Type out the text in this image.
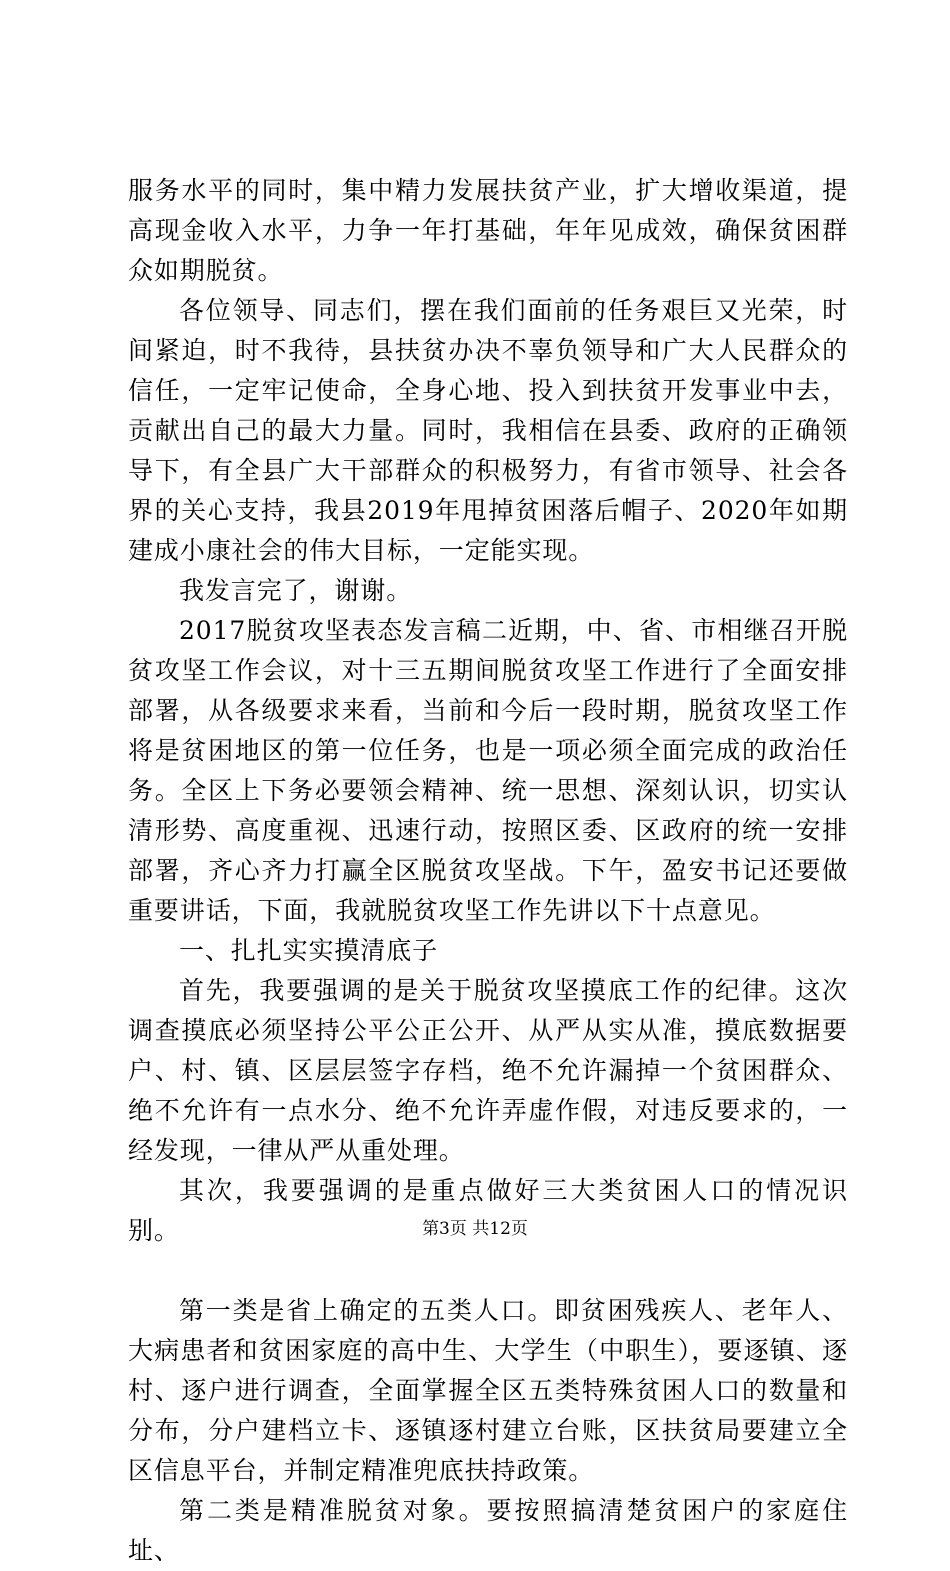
服务水平的同时，集中精力发展扶贫产业，扩大增收渠道，提高现金收入水平，力争一年打基础，年年见成效，确保贫困群众如期脱贫。

各位领导、同志们，摆在我们面前的任务艰巨又光荣，时间紧迫，时不我待，县扶贫办决不辜负领导和广大人民群众的信任，一定牢记使命，全身心地、投入到扶贫开发事业中去，贡献出自己的最大力量。同时，我相信在县委、政府的正确领导下，有全县广大干部群众的积极努力，有省市领导、社会各界的关心支持，我县2019年甩掉贫困落后帽子、2020年如期建成小康社会的伟大目标，一定能实现。

我发言完了，谢谢。

2017脱贫攻坚表态发言稿二近期，中、省、市相继召开脱贫攻坚工作会议，对十三五期间脱贫攻坚工作进行了全面安排部署，从各级要求来看，当前和今后一段时期，脱贫攻坚工作将是贫困地区的第一位任务，也是一项必须全面完成的政治任务。全区上下务必要领会精神、统一思想、深刻认识，切实认清形势、高度重视、迅速行动，按照区委、区政府的统一安排部署，齐心齐力打赢全区脱贫攻坚战。下午，盈安书记还要做重要讲话，下面，我就脱贫攻坚工作先讲以下十点意见。

一、扎扎实实摸清底子

首先，我要强调的是关于脱贫攻坚摸底工作的纪律。这次调查摸底必须坚持公平公正公开、从严从实从准，摸底数据要户、村、镇、区层层签字存档，绝不允许漏掉一个贫困群众、绝不允许有一点水分、绝不允许弄虚作假，对违反要求的，一经发现，一律从严从重处理。

其次，我要强调的是重点做好三大类贫困人口的情况识别。

第一类是省上确定的五类人口。即贫困残疾人、老年人、大病患者和贫困家庭的高中生、大学生（中职生），要逐镇、逐村、逐户进行调查，全面掌握全区五类特殊贫困人口的数量和分布，分户建档立卡、逐镇逐村建立台账，区扶贫局要建立全区信息平台，并制定精准兜底扶持政策。

第二类是精准脱贫对象。要按照搞清楚贫困户的家庭住址、

第3页 共12页
